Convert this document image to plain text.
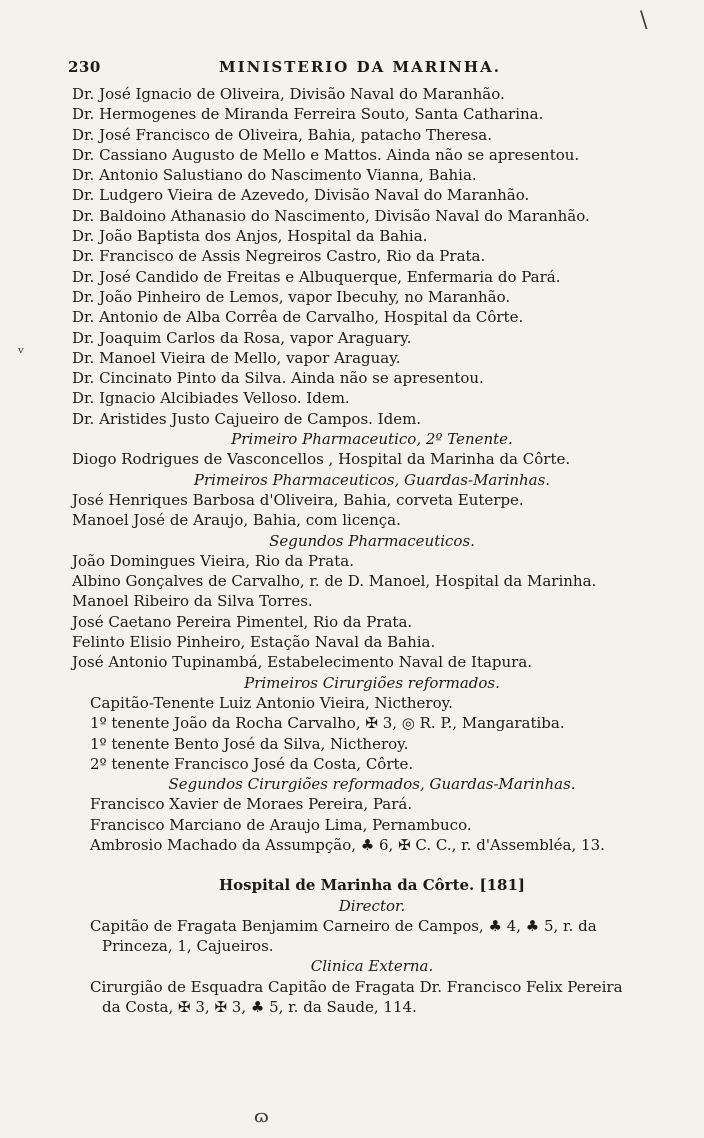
230	MINISTERIO DA MARINHA.
\
ᵥ
ɷ
Dr. José Ignacio de Oliveira, Divisão Naval do Maranhão.
Dr. Hermogenes de Miranda Ferreira Souto, Santa Catharina.
Dr. José Francisco de Oliveira, Bahia, patacho Theresa.
Dr. Cassiano Augusto de Mello e Mattos. Ainda não se apresentou.
Dr. Antonio Salustiano do Nascimento Vianna, Bahia.
Dr. Ludgero Vieira de Azevedo, Divisão Naval do Maranhão.
Dr. Baldoino Athanasio do Nascimento, Divisão Naval do Maranhão.
Dr. João Baptista dos Anjos, Hospital da Bahia.
Dr. Francisco de Assis Negreiros Castro, Rio da Prata.
Dr. José Candido de Freitas e Albuquerque, Enfermaria do Pará.
Dr. João Pinheiro de Lemos, vapor Ibecuhy, no Maranhão.
Dr. Antonio de Alba Corrêa de Carvalho, Hospital da Côrte.
Dr. Joaquim Carlos da Rosa, vapor Araguary.
Dr. Manoel Vieira de Mello, vapor Araguay.
Dr. Cincinato Pinto da Silva. Ainda não se apresentou.
Dr. Ignacio Alcibiades Velloso. Idem.
Dr. Aristides Justo Cajueiro de Campos. Idem.
Primeiro Pharmaceutico, 2º Tenente.
Diogo Rodrigues de Vasconcellos , Hospital da Marinha da Côrte.
Primeiros Pharmaceuticos, Guardas-Marinhas.
José Henriques Barbosa d'Oliveira, Bahia, corveta Euterpe.
Manoel José de Araujo, Bahia, com licença.
Segundos Pharmaceuticos.
João Domingues Vieira, Rio da Prata.
Albino Gonçalves de Carvalho, r. de D. Manoel, Hospital da Marinha.
Manoel Ribeiro da Silva Torres.
José Caetano Pereira Pimentel, Rio da Prata.
Felinto Elisio Pinheiro, Estação Naval da Bahia.
José Antonio Tupinambá, Estabelecimento Naval de Itapura.
Primeiros Cirurgiões reformados.
Capitão-Tenente Luiz Antonio Vieira, Nictheroy.
1º tenente João da Rocha Carvalho, ✠ 3, ◎ R. P., Mangaratiba.
1º tenente Bento José da Silva, Nictheroy.
2º tenente Francisco José da Costa, Côrte.
Segundos Cirurgiões reformados, Guardas-Marinhas.
Francisco Xavier de Moraes Pereira, Pará.
Francisco Marciano de Araujo Lima, Pernambuco.
Ambrosio Machado da Assumpção, ♣ 6, ✠ C. C., r. d'Assembléa, 13.
Hospital de Marinha da Côrte. [181]
Director.
Capitão de Fragata Benjamim Carneiro de Campos, ♣ 4, ♣ 5, r. da
Princeza, 1, Cajueiros.
Clinica Externa.
Cirurgião de Esquadra Capitão de Fragata Dr. Francisco Felix Pereira
da Costa, ✠ 3, ✠ 3, ♣ 5, r. da Saude, 114.
